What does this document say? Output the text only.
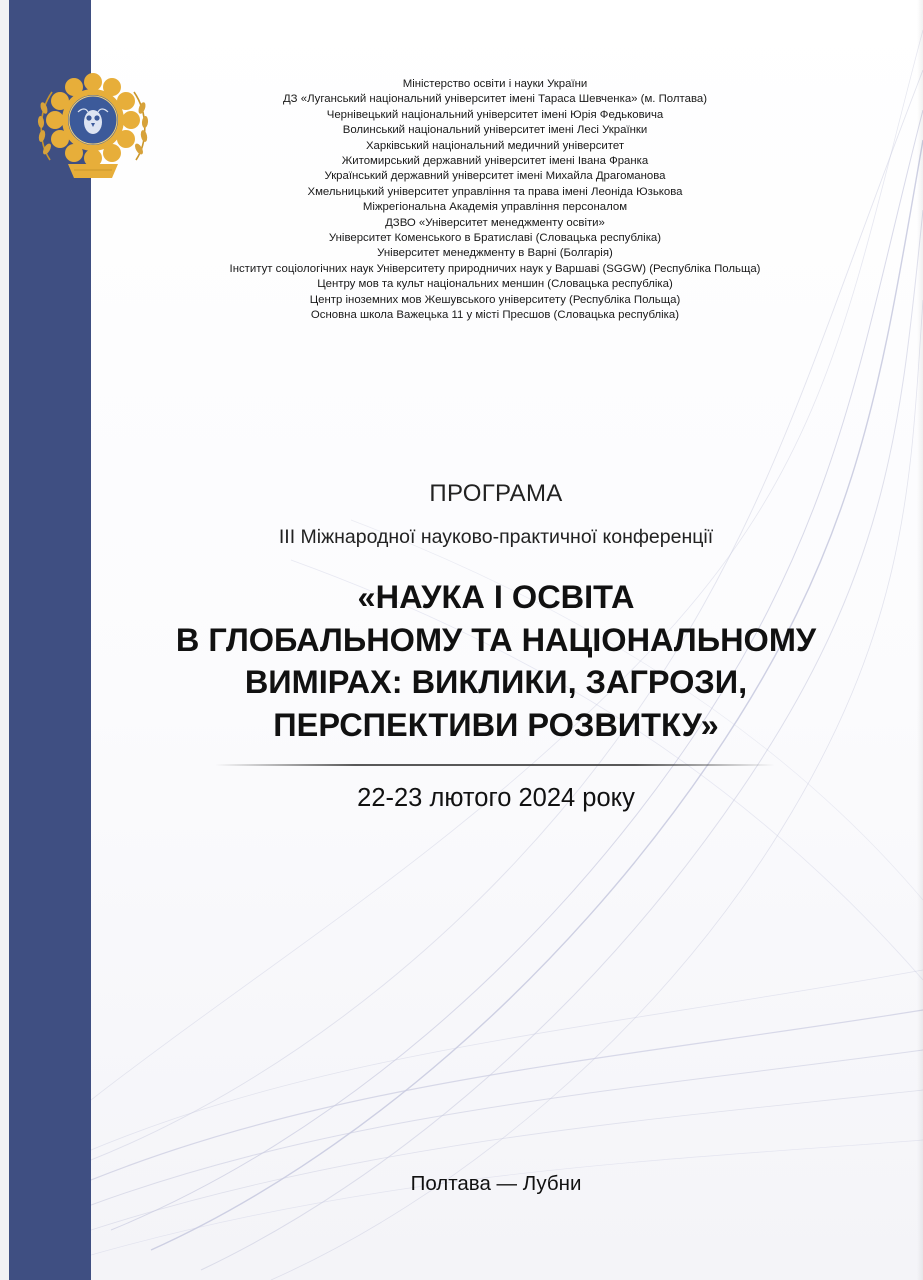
Міністерство освіти і науки України
ДЗ «Луганський національний університет імені Тараса Шевченка» (м. Полтава)
Чернівецький національний університет імені Юрія Федьковича
Волинський національний університет імені Лесі Українки
Харківський національний медичний університет
Житомирський державний університет імені Івана Франка
Український державний університет імені Михайла Драгоманова
Хмельницький університет управління та права імені Леоніда Юзькова
Міжрегіональна Академія управління персоналом
ДЗВО «Університет менеджменту освіти»
Університет Коменського в Братиславі (Словацька республіка)
Університет менеджменту в Варні (Болгарія)
Інститут соціологічних наук Університету природничих наук у Варшаві (SGGW) (Республіка Польща)
Центру мов та культ національних меншин (Словацька республіка)
Центр іноземних мов Жешувського університету (Республіка Польща)
Основна школа Важецька 11 у місті Пресшов (Словацька республіка)
ПРОГРАМА
ІІІ Міжнародної науково-практичної конференції
«НАУКА І ОСВІТА
В ГЛОБАЛЬНОМУ ТА НАЦІОНАЛЬНОМУ
ВИМІРАХ: ВИКЛИКИ, ЗАГРОЗИ,
ПЕРСПЕКТИВИ РОЗВИТКУ»
22-23 лютого 2024 року
Полтава — Лубни
